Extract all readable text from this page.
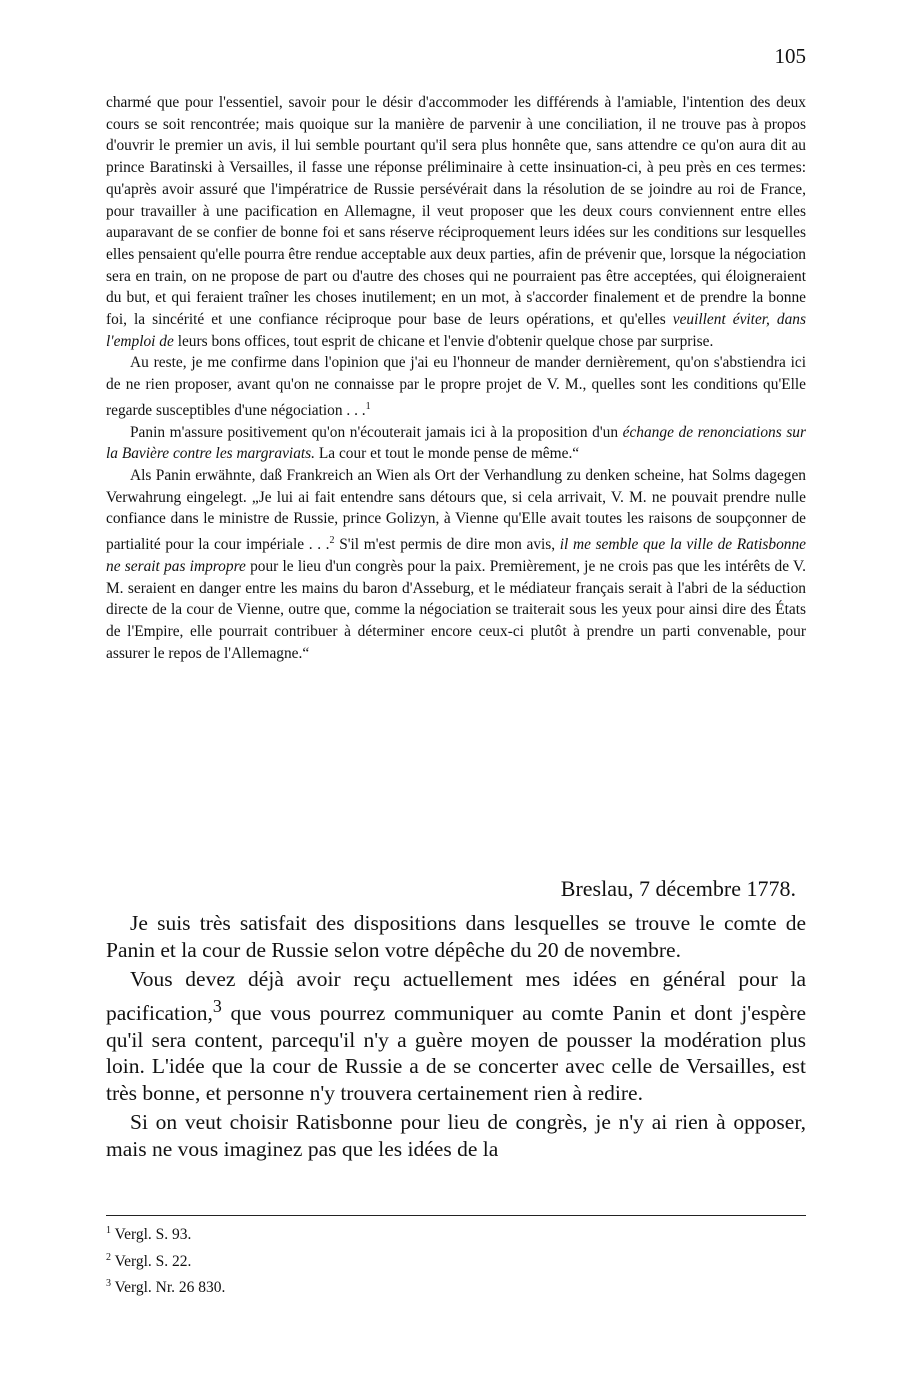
105

charmé que pour l'essentiel, savoir pour le désir d'accommoder les différends à l'amiable, l'intention des deux cours se soit rencontrée; mais quoique sur la manière de parvenir à une conciliation, il ne trouve pas à propos d'ouvrir le premier un avis, il lui semble pourtant qu'il sera plus honnête que, sans attendre ce qu'on aura dit au prince Baratinski à Versailles, il fasse une réponse préliminaire à cette insinuation-ci, à peu près en ces termes: qu'après avoir assuré que l'impératrice de Russie persévérait dans la résolution de se joindre au roi de France, pour travailler à une pacification en Allemagne, il veut proposer que les deux cours conviennent entre elles auparavant de se confier de bonne foi et sans réserve réciproquement leurs idées sur les conditions sur lesquelles elles pensaient qu'elle pourra être rendue acceptable aux deux parties, afin de prévenir que, lorsque la négociation sera en train, on ne propose de part ou d'autre des choses qui ne pourraient pas être acceptées, qui éloigneraient du but, et qui feraient traîner les choses inutilement; en un mot, à s'accorder finalement et de prendre la bonne foi, la sincérité et une confiance réciproque pour base de leurs opérations, et qu'elles veuillent éviter, dans l'emploi de leurs bons offices, tout esprit de chicane et l'envie d'obtenir quelque chose par surprise.

Au reste, je me confirme dans l'opinion que j'ai eu l'honneur de mander dernièrement, qu'on s'abstiendra ici de ne rien proposer, avant qu'on ne connaisse par le propre projet de V. M., quelles sont les conditions qu'Elle regarde susceptibles d'une négociation . . .$^1$

Panin m'assure positivement qu'on n'écouterait jamais ici à la proposition d'un échange de renonciations sur la Bavière contre les margraviats. La cour et tout le monde pense de même.“

Als Panin erwähnte, daß Frankreich an Wien als Ort der Verhandlung zu denken scheine, hat Solms dagegen Verwahrung eingelegt. „Je lui ai fait entendre sans détours que, si cela arrivait, V. M. ne pouvait prendre nulle confiance dans le ministre de Russie, prince Golizyn, à Vienne qu'Elle avait toutes les raisons de soupçonner de partialité pour la cour impériale . . .$^2$ S'il m'est permis de dire mon avis, il me semble que la ville de Ratisbonne ne serait pas impropre pour le lieu d'un congrès pour la paix. Premièrement, je ne crois pas que les intérêts de V. M. seraient en danger entre les mains du baron d'Asseburg, et le médiateur français serait à l'abri de la séduction directe de la cour de Vienne, outre que, comme la négociation se traiterait sous les yeux pour ainsi dire des États de l'Empire, elle pourrait contribuer à déterminer encore ceux-ci plutôt à prendre un parti convenable, pour assurer le repos de l'Allemagne.“

Breslau, 7 décembre 1778.

Je suis très satisfait des dispositions dans lesquelles se trouve le comte de Panin et la cour de Russie selon votre dépêche du 20 de novembre.

Vous devez déjà avoir reçu actuellement mes idées en général pour la pacification,$^3$ que vous pourrez communiquer au comte Panin et dont j'espère qu'il sera content, parcequ'il n'y a guère moyen de pousser la modération plus loin. L'idée que la cour de Russie a de se concerter avec celle de Versailles, est très bonne, et personne n'y trouvera certainement rien à redire.

Si on veut choisir Ratisbonne pour lieu de congrès, je n'y ai rien à opposer, mais ne vous imaginez pas que les idées de la

$^1$ Vergl. S. 93.
$^2$ Vergl. S. 22.
$^3$ Vergl. Nr. 26 830.
